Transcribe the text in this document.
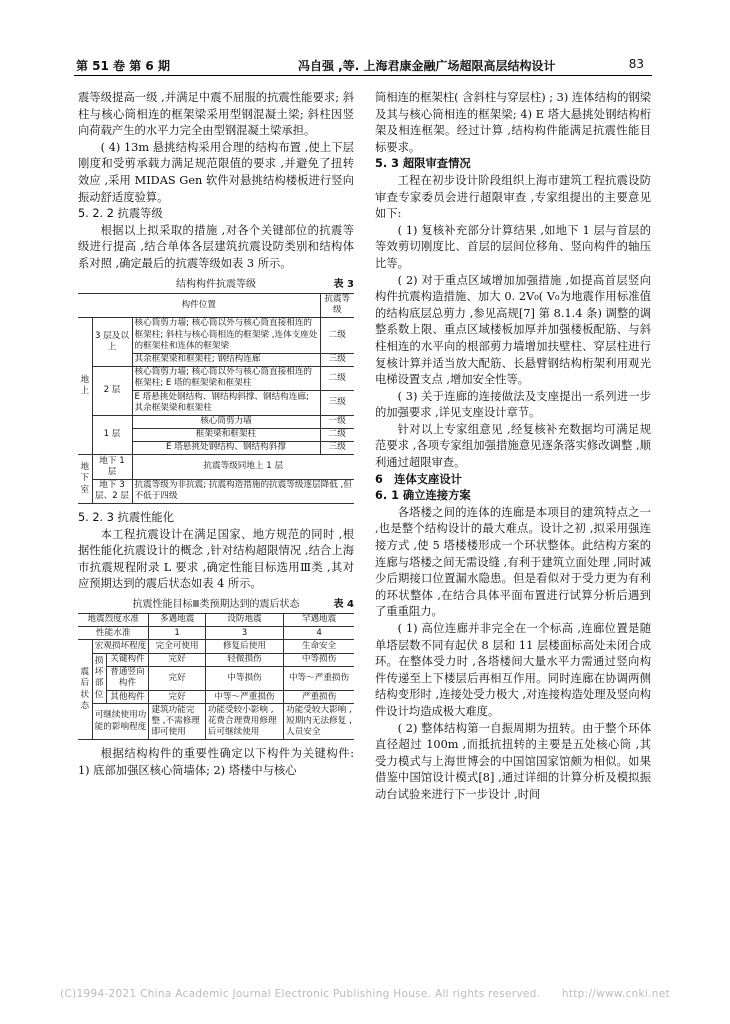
第 51 卷 第 6 期	冯自强 ,等. 上海君康金融广场超限高层结构设计	83

震等级提高一级 ,并满足中震不屈服的抗震性能要求; 斜柱与核心筒相连的框架梁采用型钢混凝土梁; 斜柱因竖向荷载产生的水平力完全由型钢混凝土梁承担。

( 4) 13m 悬挑结构采用合理的结构布置 ,使上下层刚度和受剪承载力满足规范限值的要求 ,并避免了扭转效应 ,采用 MIDAS Gen 软件对悬挑结构楼板进行竖向振动舒适度验算。

5. 2. 2 抗震等级

根据以上拟采取的措施 ,对各个关键部位的抗震等级进行提高 ,结合单体各层建筑抗震设防类别和结构体系对照 ,确定最后的抗震等级如表 3 所示。

结构构件抗震等级	表 3
构件位置			抗震等级
地上	3 层及以上	核心筒剪力墙; 核心筒以外与核心筒直接相连的框架柱; 斜柱与核心筒相连的框架梁 ,连体支座处的框架柱和连体的框架梁	二级
		其余框架梁和框架柱; 钢结构连廊	三级
	2 层	核心筒剪力墙; 核心筒以外与核心筒直接相连的框架柱; E 塔的框架梁和框架柱	二级
		E 塔悬挑处钢结构、钢结构斜撑、钢结构连廊; 其余框架梁和框架柱	三级
	1 层	核心筒剪力墙	一级
		框架梁和框架柱	二级
		E 塔悬挑处钢结构、钢结构斜撑	三级
地下室	地下 1 层	抗震等级同地上 1 层	
	地下 3 层、2 层	抗震等级为非抗震; 抗震构造措施的抗震等级逐层降低 ,但不低于四级	

5. 2. 3 抗震性能化

本工程抗震设计在满足国家、地方规范的同时 ,根据性能化抗震设计的概念 ,针对结构超限情况 ,结合上海市抗震规程附录 L 要求 ,确定性能目标选用Ⅲ类 ,其对应预期达到的震后状态如表 4 所示。

抗震性能目标Ⅲ类预期达到的震后状态	表 4
地震烈度水准			多遇地震	设防地震	罕遇地震
性能水准			1	3	4
震后状态	宏观损坏程度		完全可使用	修复后使用	生命安全
	损坏部位	关键构件	完好	轻微损伤	中等损伤
		普通竖向构件	完好	中等损伤	中等～严重损伤
		其他构件	完好	中等～严重损伤	严重损伤
	可继续使用功能的影响程度		建筑功能完整 ,不需修理即可使用	功能受较小影响 ,花费合理费用修理后可继续使用	功能受较大影响 ,短期内无法修复 ,人员安全

根据结构构件的重要性确定以下构件为关键构件: 1) 底部加强区核心筒墙体; 2) 塔楼中与核心

筒相连的框架柱( 含斜柱与穿层柱) ; 3) 连体结构的钢梁及其与核心筒相连的框架梁; 4) E 塔大悬挑处钢结构桁架及相连框架。经过计算 ,结构构件能满足抗震性能目标要求。

5. 3 超限审查情况

工程在初步设计阶段组织上海市建筑工程抗震设防审查专家委员会进行超限审查 ,专家组提出的主要意见如下:

( 1) 复核补充部分计算结果 ,如地下 1 层与首层的等效剪切刚度比、首层的层间位移角、竖向构件的轴压比等。

( 2) 对于重点区域增加加强措施 ,如提高首层竖向构件抗震构造措施、加大 0. 2V₀( V₀为地震作用标准值的结构底层总剪力 ,参见高规[7] 第 8.1.4 条) 调整的调整系数上限、重点区域楼板加厚并加强楼板配筋、与斜柱相连的水平向的根部剪力墙增加扶壁柱、穿层柱进行复核计算并适当放大配筋、长悬臂钢结构桁架利用观光电梯设置支点 ,增加安全性等。

( 3) 关于连廊的连接做法及支座提出一系列进一步的加强要求 ,详见支座设计章节。

针对以上专家组意见 ,经复核补充数据均可满足规范要求 ,各项专家组加强措施意见逐条落实修改调整 ,顺利通过超限审查。

6　连体支座设计

6. 1 确立连接方案

各塔楼之间的连体的连廊是本项目的建筑特点之一 ,也是整个结构设计的最大难点。设计之初 ,拟采用强连接方式 ,使 5 塔楼楼形成一个环状整体。此结构方案的连廊与塔楼之间无需设缝 ,有利于建筑立面处理 ,同时减少后期接口位置漏水隐患。但是看似对于受力更为有利的环状整体 ,在结合具体平面布置进行试算分析后遇到了重重阻力。

( 1) 高位连廊并非完全在一个标高 ,连廊位置是随单塔层数不同有起伏 8 层和 11 层楼面标高处未闭合成环。在整体受力时 ,各塔楼间大量水平力需通过竖向构件传递至上下楼层后再相互作用。同时连廊在协调两侧结构变形时 ,连接处受力极大 ,对连接构造处理及竖向构件设计均造成极大难度。

( 2) 整体结构第一自振周期为扭转。由于整个环体直径超过 100m ,而抵抗扭转的主要是五处核心筒 ,其受力模式与上海世博会的中国馆国家馆颇为相似。如果借鉴中国馆设计模式[8] ,通过详细的计算分析及模拟振动台试验来进行下一步设计 ,时间

(C)1994-2021 China Academic Journal Electronic Publishing House. All rights reserved.　　http://www.cnki.net
